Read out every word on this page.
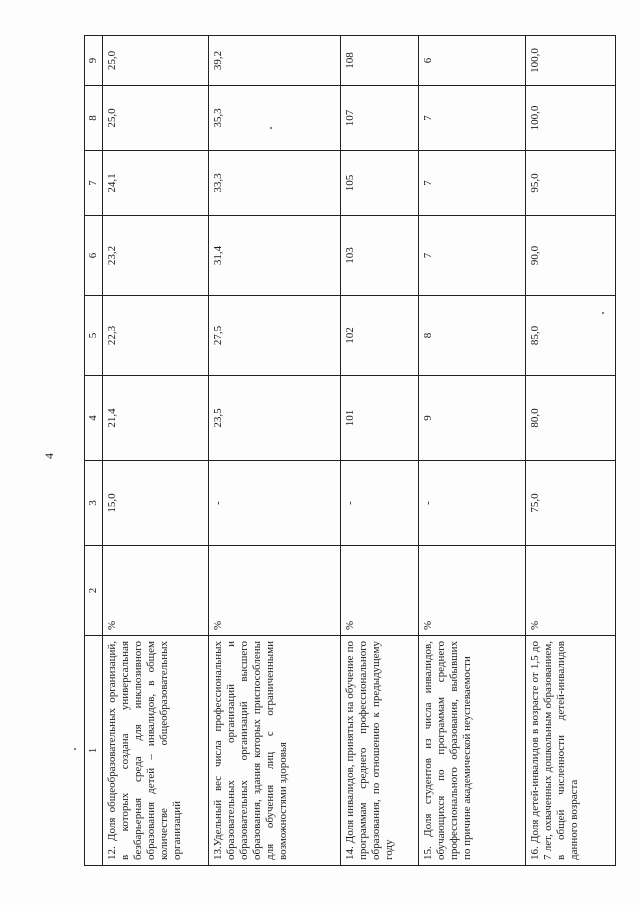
4
1	2	3	4	5	6	7	8	9
12. Доля общеобразовательных организаций, в которых создана универсальная безбарьерная среда для инклюзивного образования детей – инвалидов, в общем количестве общеобразовательных организаций	%	15,0	21,4	22,3	23,2	24,1	25,0	25,0
13.Удельный вес числа профессиональных образовательных организаций и образовательных организаций высшего образования, здания которых приспособлены для обучения лиц с ограниченными возможностями здоровья	%	-	23,5	27,5	31,4	33,3	35,3	39,2
14. Доля инвалидов, принятых на обучение по программам среднего профессионального образования, по отношению к предыдущему году	%	-	101	102	103	105	107	108
15. Доля студентов из числа инвалидов, обучающихся по программам среднего профессионального образования, выбывших по причине академической неуспеваемости	%	-	9	8	7	7	7	6
16. Доля детей-инвалидов в возрасте от 1,5 до 7 лет, охваченных дошкольным образованием, в общей численности детей-инвалидов данного возраста	%	75,0	80,0	85,0	90,0	95,0	100,0	100,0
